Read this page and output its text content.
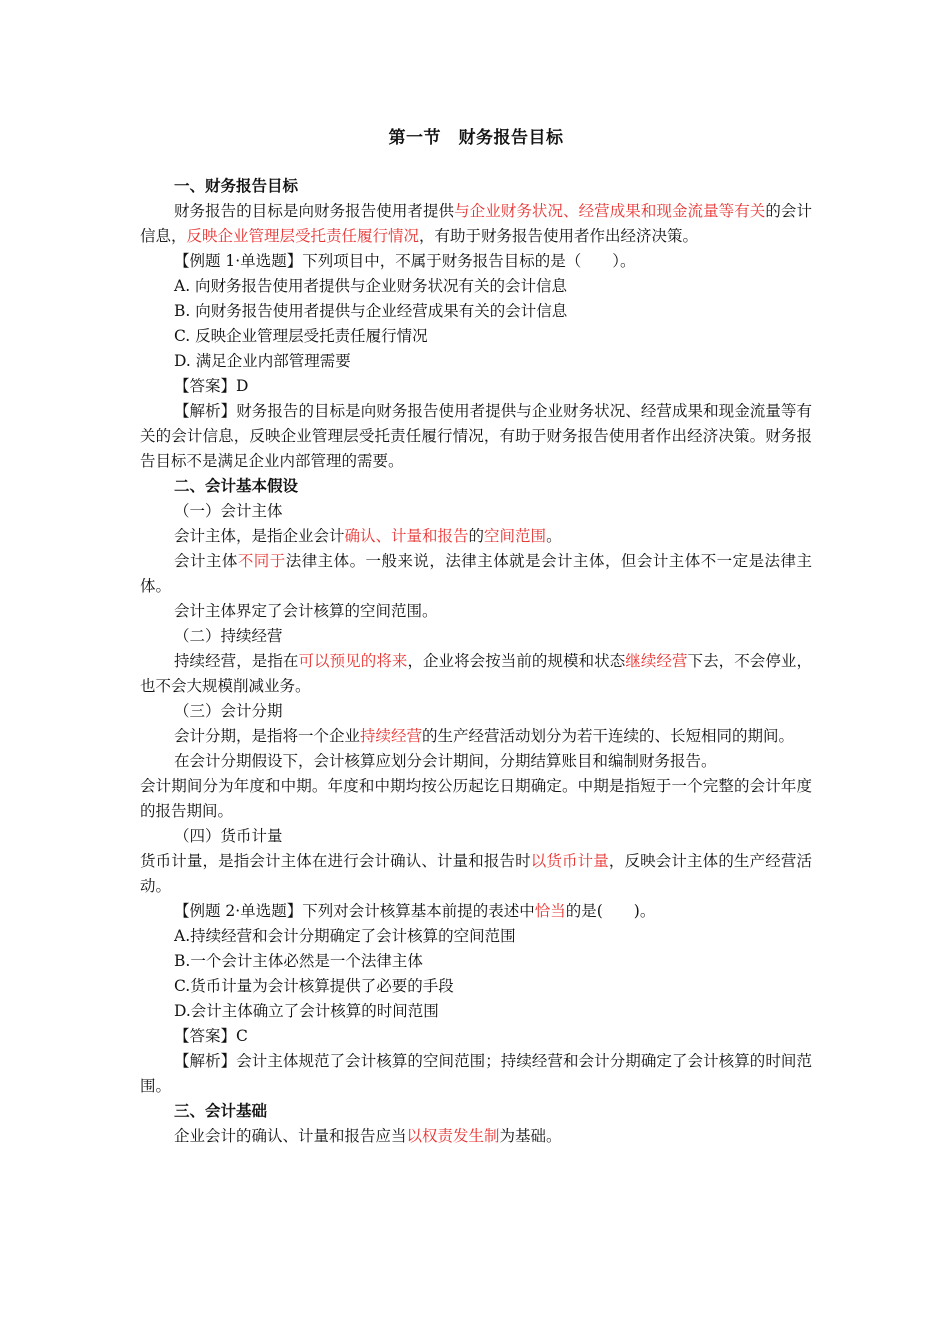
第一节　财务报告目标

一、财务报告目标

财务报告的目标是向财务报告使用者提供与企业财务状况、经营成果和现金流量等有关的会计信息，反映企业管理层受托责任履行情况，有助于财务报告使用者作出经济决策。

【例题 1·单选题】下列项目中，不属于财务报告目标的是（　　）。

A. 向财务报告使用者提供与企业财务状况有关的会计信息

B. 向财务报告使用者提供与企业经营成果有关的会计信息

C. 反映企业管理层受托责任履行情况

D. 满足企业内部管理需要

【答案】D

【解析】财务报告的目标是向财务报告使用者提供与企业财务状况、经营成果和现金流量等有关的会计信息，反映企业管理层受托责任履行情况，有助于财务报告使用者作出经济决策。财务报告目标不是满足企业内部管理的需要。

二、会计基本假设

（一）会计主体

会计主体，是指企业会计确认、计量和报告的空间范围。

会计主体不同于法律主体。一般来说，法律主体就是会计主体，但会计主体不一定是法律主体。

会计主体界定了会计核算的空间范围。

（二）持续经营

持续经营，是指在可以预见的将来，企业将会按当前的规模和状态继续经营下去，不会停业，也不会大规模削减业务。

（三）会计分期

会计分期，是指将一个企业持续经营的生产经营活动划分为若干连续的、长短相同的期间。

在会计分期假设下，会计核算应划分会计期间，分期结算账目和编制财务报告。

会计期间分为年度和中期。年度和中期均按公历起讫日期确定。中期是指短于一个完整的会计年度的报告期间。

（四）货币计量

货币计量，是指会计主体在进行会计确认、计量和报告时以货币计量，反映会计主体的生产经营活动。

【例题 2·单选题】下列对会计核算基本前提的表述中恰当的是(　　)。

A.持续经营和会计分期确定了会计核算的空间范围

B.一个会计主体必然是一个法律主体

C.货币计量为会计核算提供了必要的手段

D.会计主体确立了会计核算的时间范围

【答案】C

【解析】会计主体规范了会计核算的空间范围；持续经营和会计分期确定了会计核算的时间范围。

三、会计基础

企业会计的确认、计量和报告应当以权责发生制为基础。
